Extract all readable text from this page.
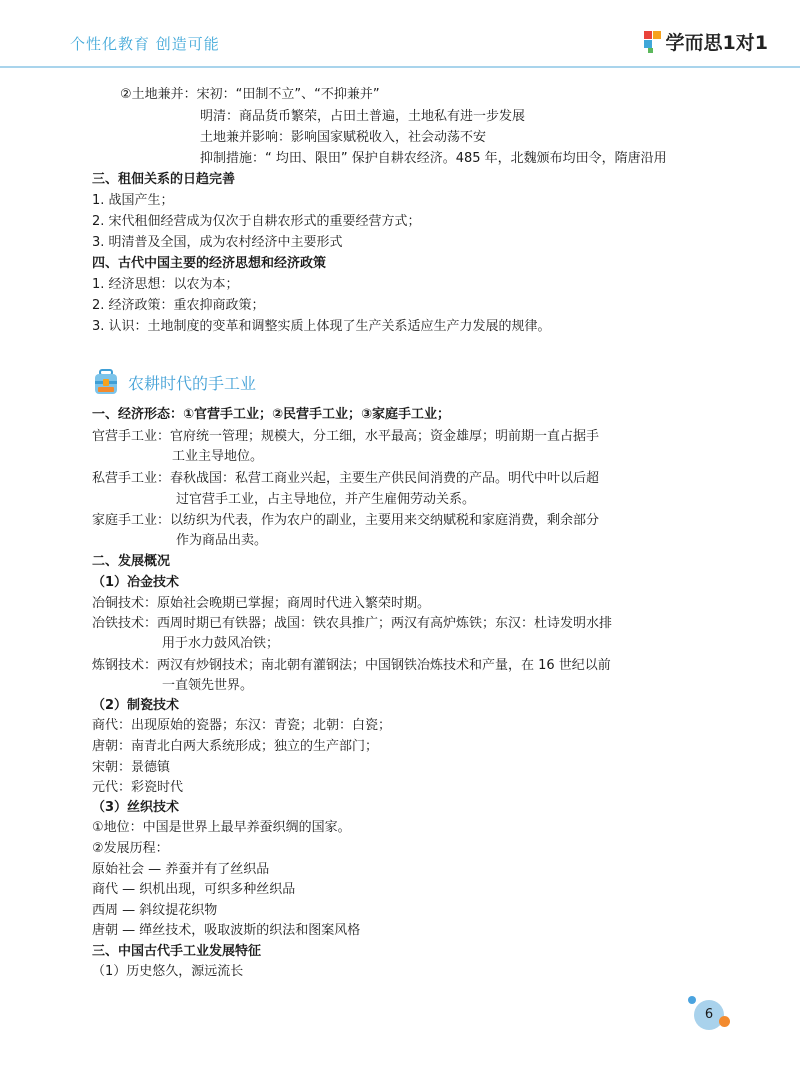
个性化教育 创造可能	学而思1对1
②土地兼并：宋初：“田制不立”、“不抑兼并”
明清：商品货币繁荣，占田土普遍，土地私有进一步发展
土地兼并影响：影响国家赋税收入，社会动荡不安
抑制措施：“ 均田、限田” 保护自耕农经济。485 年，北魏颁布均田令，隋唐沿用
三、租佃关系的日趋完善
1. 战国产生；
2. 宋代租佃经营成为仅次于自耕农形式的重要经营方式；
3. 明清普及全国，成为农村经济中主要形式
四、古代中国主要的经济思想和经济政策
1. 经济思想：以农为本；
2. 经济政策：重农抑商政策；
3. 认识：土地制度的变革和调整实质上体现了生产关系适应生产力发展的规律。
农耕时代的手工业
一、经济形态：①官营手工业；②民营手工业；③家庭手工业；
官营手工业：官府统一管理；规模大，分工细，水平最高；资金雄厚；明前期一直占据手
工业主导地位。
私营手工业：春秋战国：私营工商业兴起，主要生产供民间消费的产品。明代中叶以后超
过官营手工业，占主导地位，并产生雇佣劳动关系。
家庭手工业：以纺织为代表，作为农户的副业，主要用来交纳赋税和家庭消费，剩余部分
作为商品出卖。
二、发展概况
（1）冶金技术
冶铜技术：原始社会晚期已掌握；商周时代进入繁荣时期。
冶铁技术：西周时期已有铁器；战国：铁农具推广；两汉有高炉炼铁；东汉：杜诗发明水排
用于水力鼓风冶铁；
炼钢技术：两汉有炒钢技术；南北朝有灌钢法；中国钢铁冶炼技术和产量，在 16 世纪以前
一直领先世界。
（2）制瓷技术
商代：出现原始的瓷器；东汉：青瓷；北朝：白瓷；
唐朝：南青北白两大系统形成；独立的生产部门；
宋朝：景德镇
元代：彩瓷时代
（3）丝织技术
①地位：中国是世界上最早养蚕织绸的国家。
②发展历程：
原始社会 — 养蚕并有了丝织品
商代 — 织机出现，可织多种丝织品
西周 — 斜纹提花织物
唐朝 — 缂丝技术，吸取波斯的织法和图案风格
三、中国古代手工业发展特征
（1）历史悠久，源远流长
6
